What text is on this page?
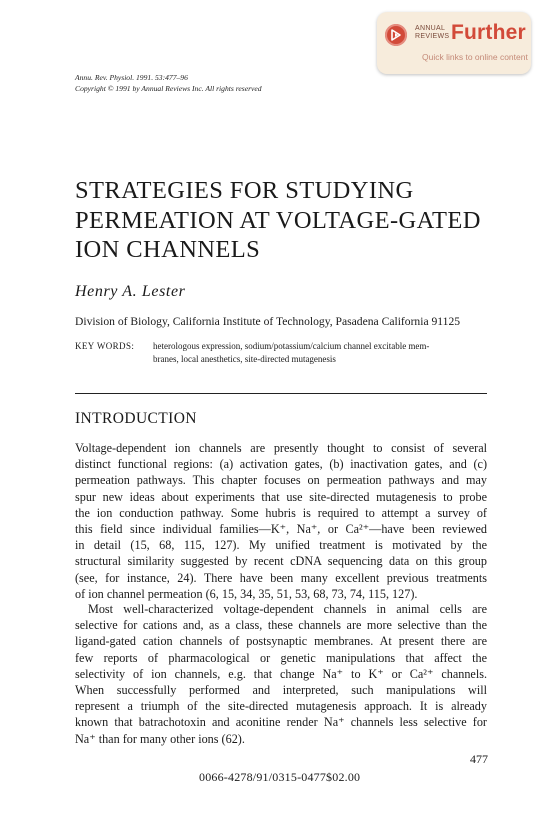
ANNUAL
REVIEWS Further
Quick links to online content
Annu. Rev. Physiol. 1991. 53:477–96
Copyright © 1991 by Annual Reviews Inc. All rights reserved
STRATEGIES FOR STUDYING
PERMEATION AT VOLTAGE-GATED
ION CHANNELS
Henry A. Lester
Division of Biology, California Institute of Technology, Pasadena California 91125
KEY WORDS: heterologous expression, sodium/potassium/calcium channel excitable mem-
branes, local anesthetics, site-directed mutagenesis
INTRODUCTION
Voltage-dependent ion channels are presently thought to consist of several
distinct functional regions: (a) activation gates, (b) inactivation gates, and (c)
permeation pathways. This chapter focuses on permeation pathways and may
spur new ideas about experiments that use site-directed mutagenesis to probe
the ion conduction pathway. Some hubris is required to attempt a survey of
this field since individual families—K⁺, Na⁺, or Ca²⁺—have been reviewed
in detail (15, 68, 115, 127). My unified treatment is motivated by the
structural similarity suggested by recent cDNA sequencing data on this group
(see, for instance, 24). There have been many excellent previous treatments
of ion channel permeation (6, 15, 34, 35, 51, 53, 68, 73, 74, 115, 127).
Most well-characterized voltage-dependent channels in animal cells are
selective for cations and, as a class, these channels are more selective than the
ligand-gated cation channels of postsynaptic membranes. At present there are
few reports of pharmacological or genetic manipulations that affect the
selectivity of ion channels, e.g. that change Na⁺ to K⁺ or Ca²⁺ channels.
When successfully performed and interpreted, such manipulations will
represent a triumph of the site-directed mutagenesis approach. It is already
known that batrachotoxin and aconitine render Na⁺ channels less selective for
Na⁺ than for many other ions (62).
477
0066-4278/91/0315-0477$02.00
